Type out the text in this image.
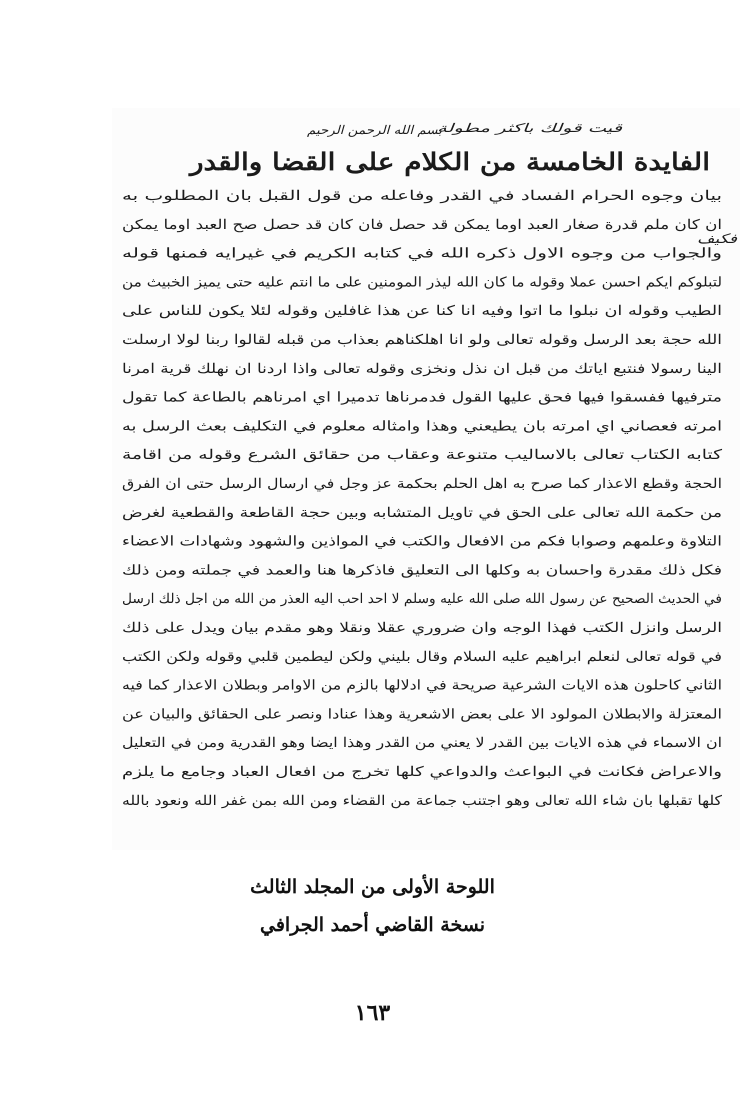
قيت قولك باكثر مطولة
بسم الله الرحمن الرحيم
الفايدة الخامسة من الكلام على القضا والقدر
بيان وجوه الحرام الفساد في القدر وفاعله من قول القبل بان المطلوب به
ان كان ملم قدرة صغار العبد اوما يمكن قد حصل فان كان قد حصل صح العبد اوما يمكن
والجواب من وجوه الاول ذكره الله في كتابه الكريم في غيرايه فمنها قوله
لتبلوكم ايكم احسن عملا وقوله ما كان الله ليذر المومنين على ما انتم عليه حتى يميز الخبيث من
الطيب وقوله ان نبلوا ما اتوا وفيه انا كنا عن هذا غافلين وقوله لئلا يكون للناس على
الله حجة بعد الرسل وقوله تعالى ولو انا اهلكناهم بعذاب من قبله لقالوا ربنا لولا ارسلت
الينا رسولا فنتبع اياتك من قبل ان نذل ونخزى وقوله تعالى واذا اردنا ان نهلك قرية امرنا
مترفيها ففسقوا فيها فحق عليها القول فدمرناها تدميرا اي امرناهم بالطاعة كما تقول
امرته فعصاني اي امرته بان يطيعني وهذا وامثاله معلوم في التكليف بعث الرسل به
كتابه الكتاب تعالى بالاساليب متنوعة وعقاب من حقائق الشرع وقوله من اقامة
الحجة وقطع الاعذار كما صرح به اهل الحلم بحكمة عز وجل في ارسال الرسل حتى ان الفرق
من حكمة الله تعالى على الحق في تاويل المتشابه وبين حجة القاطعة والقطعية لغرض
التلاوة وعلمهم وصوابا فكم من الافعال والكتب في المواذين والشهود وشهادات الاعضاء
فكل ذلك مقدرة واحسان به وكلها الى التعليق فاذكرها هنا والعمد في جملته ومن ذلك
في الحديث الصحيح عن رسول الله صلى الله عليه وسلم لا احد احب اليه العذر من الله من اجل ذلك ارسل
الرسل وانزل الكتب فهذا الوجه وان ضروري عقلا ونقلا وهو مقدم بيان ويدل على ذلك
في قوله تعالى لنعلم ابراهيم عليه السلام وقال بليني ولكن ليطمين قلبي وقوله ولكن الكتب
الثاني كاحلون هذه الايات الشرعية صريحة في ادلالها بالزم من الاوامر وبطلان الاعذار كما فيه
المعتزلة والابطلان المولود الا على بعض الاشعرية وهذا عنادا ونصر على الحقائق والبيان عن
ان الاسماء في هذه الايات بين القدر لا يعني من القدر وهذا ايضا وهو القدرية ومن في التعليل
والاعراض فكانت في البواعث والدواعي كلها تخرج من افعال العباد وجامع ما يلزم
كلها تقبلها بان شاء الله تعالى وهو اجتنب جماعة من القضاء ومن الله بمن غفر الله ونعود بالله
فكيف
اللوحة الأولى من المجلد الثالث
نسخة القاضي أحمد الجرافي
١٦٣
